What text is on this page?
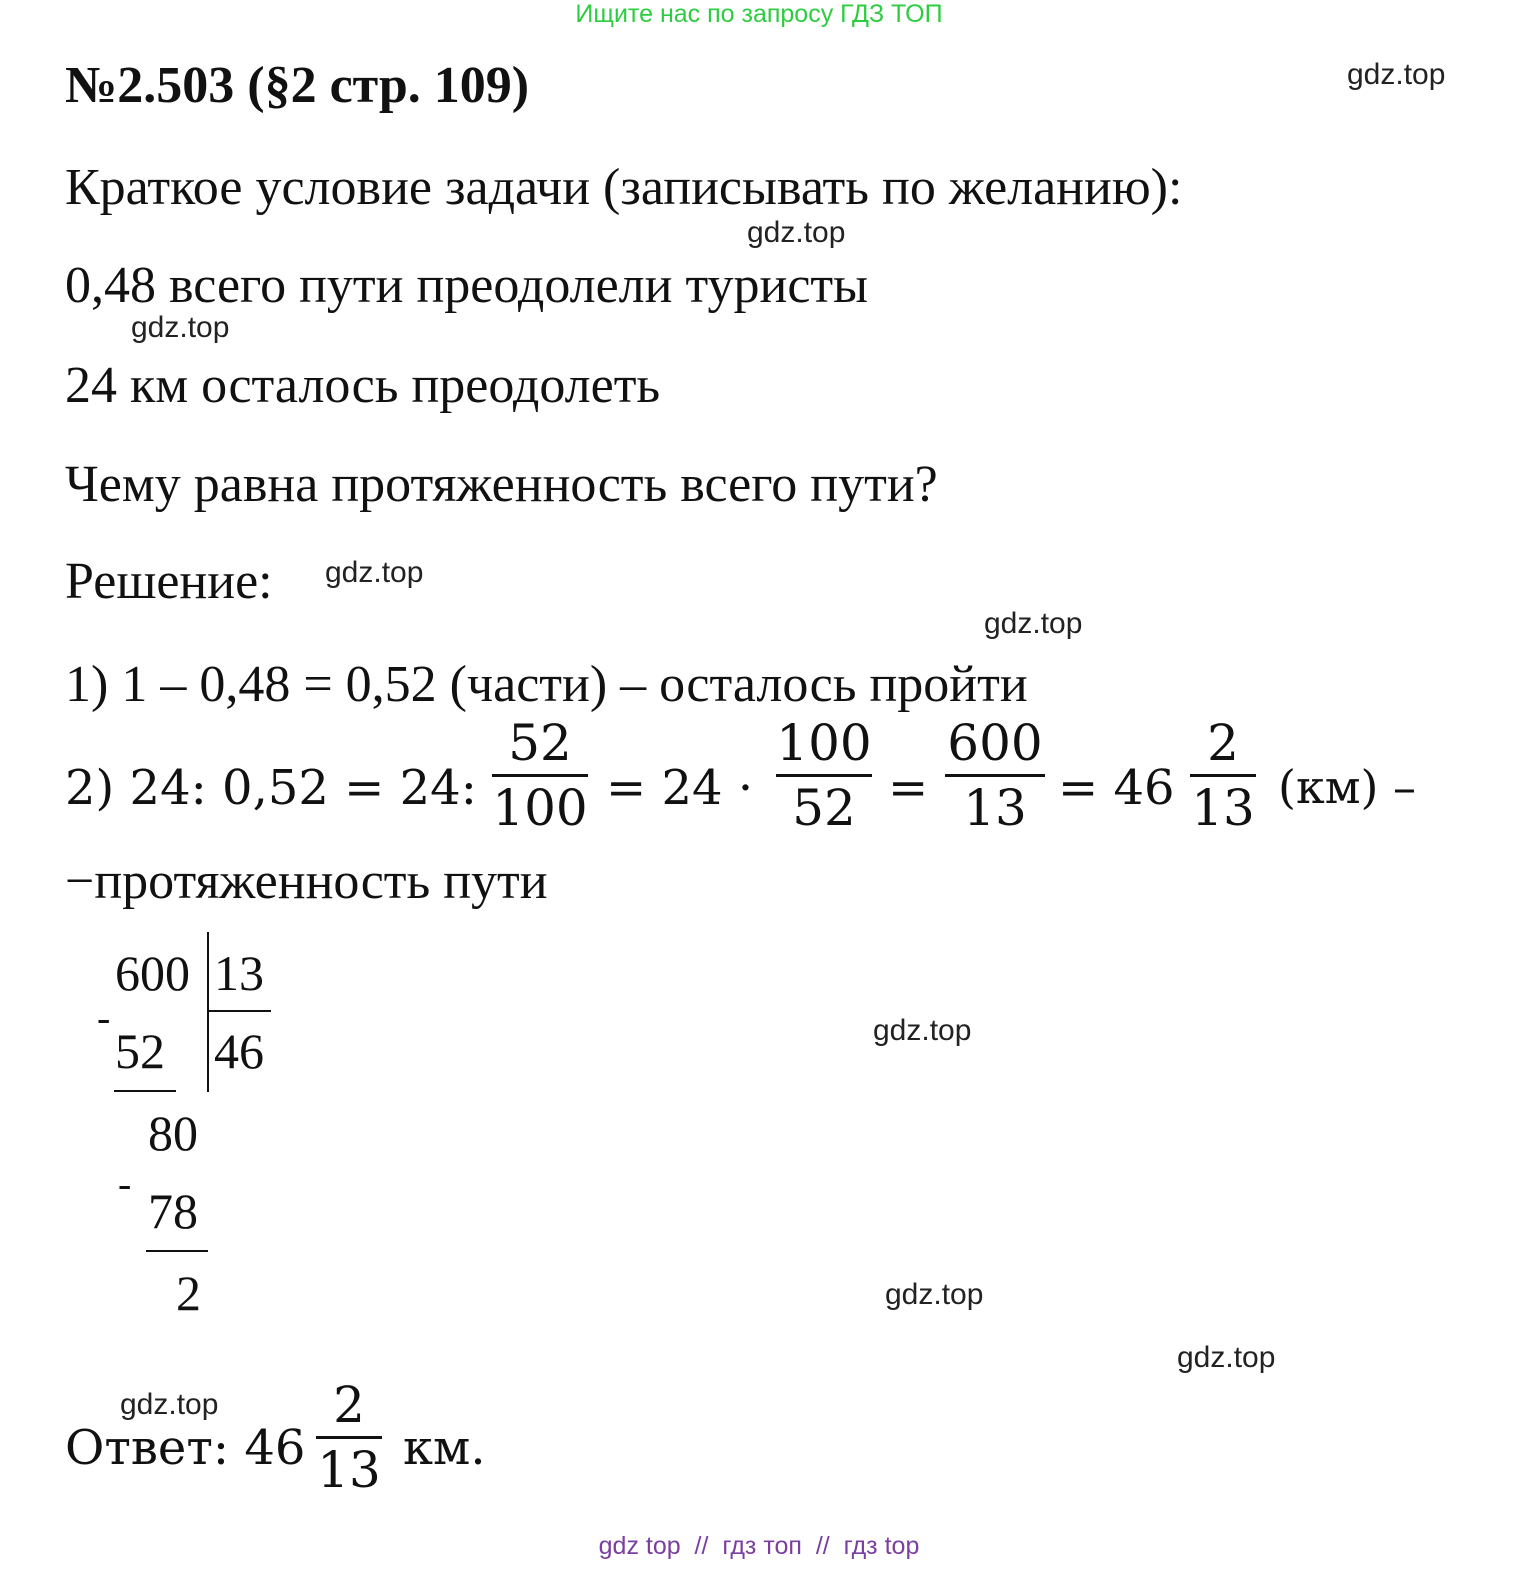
Ищите нас по запросу ГДЗ ТОП
№2.503 (§2 стр. 109)	gdz.top
Краткое условие задачи (записывать по желанию):
gdz.top
0,48 всего пути преодолели туристы
gdz.top
24 км осталось преодолеть
Чему равна протяженность всего пути?
Решение: gdz.top
gdz.top
1) 1 – 0,48 = 0,52 (части) – осталось пройти
2) 24: 0,52 = 24:
52
100 = 24 ·
100
52 =
600
13 = 46
2
13 (км) –
−протяженность пути
600 13
-
52 46
80
- 78
2
gdz.top
gdz.top
gdz.top
gdz.top
Ответ: 46
2
13 км.
gdz top  //  гдз топ  //  гдз top
